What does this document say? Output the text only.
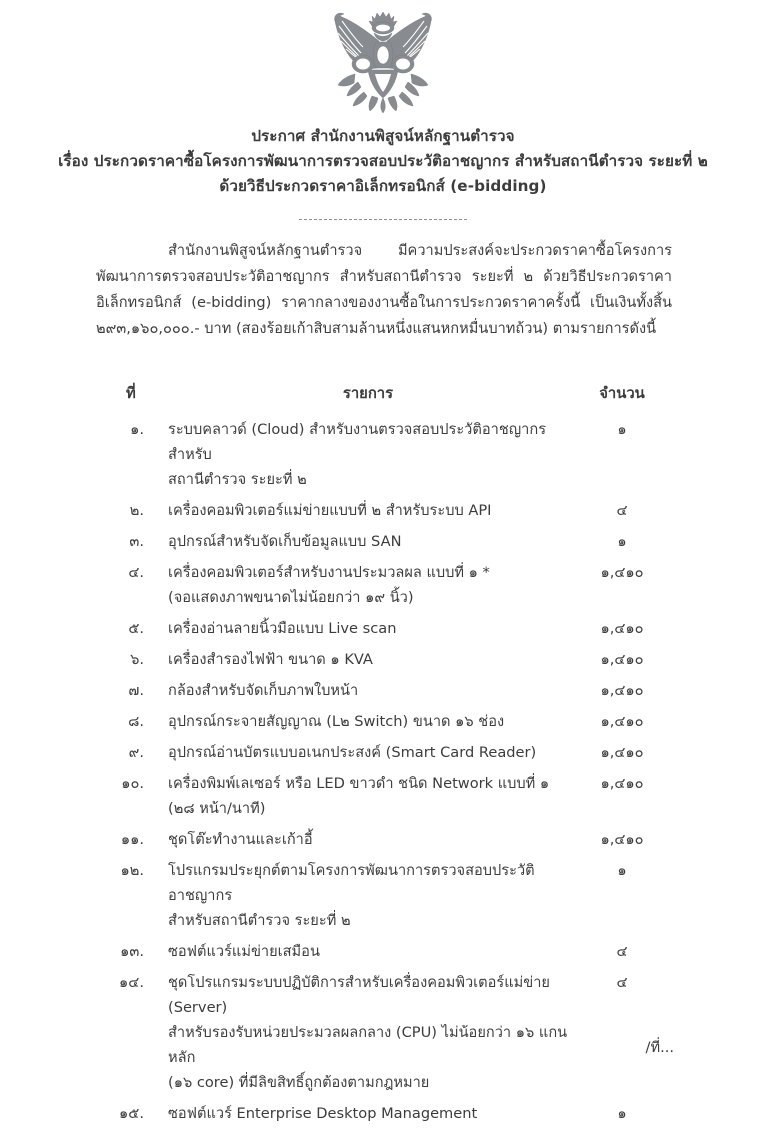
ประกาศ สำนักงานพิสูจน์หลักฐานตำรวจ
เรื่อง ประกวดราคาซื้อโครงการพัฒนาการตรวจสอบประวัติอาชญากร สำหรับสถานีตำรวจ ระยะที่ ๒
ด้วยวิธีประกวดราคาอิเล็กทรอนิกส์ (e-bidding)
สำนักงานพิสูจน์หลักฐานตำรวจ มีความประสงค์จะประกวดราคาซื้อโครงการพัฒนาการตรวจสอบประวัติอาชญากร สำหรับสถานีตำรวจ ระยะที่ ๒ ด้วยวิธีประกวดราคาอิเล็กทรอนิกส์ (e-bidding) ราคากลางของงานซื้อในการประกวดราคาครั้งนี้ เป็นเงินทั้งสิ้น ๒๙๓,๑๖๐,๐๐๐.- บาท (สองร้อยเก้าสิบสามล้านหนึ่งแสนหกหมื่นบาทถ้วน) ตามรายการดังนี้
ที่	รายการ	จำนวน
๑.	ระบบคลาวด์ (Cloud) สำหรับงานตรวจสอบประวัติอาชญากร สำหรับ
สถานีตำรวจ ระยะที่ ๒	๑
๒.	เครื่องคอมพิวเตอร์แม่ข่ายแบบที่ ๒ สำหรับระบบ API	๔
๓.	อุปกรณ์สำหรับจัดเก็บข้อมูลแบบ SAN	๑
๔.	เครื่องคอมพิวเตอร์สำหรับงานประมวลผล แบบที่ ๑ *
(จอแสดงภาพขนาดไม่น้อยกว่า ๑๙ นิ้ว)	๑,๔๑๐
๕.	เครื่องอ่านลายนิ้วมือแบบ Live scan	๑,๔๑๐
๖.	เครื่องสำรองไฟฟ้า ขนาด ๑ KVA	๑,๔๑๐
๗.	กล้องสำหรับจัดเก็บภาพใบหน้า	๑,๔๑๐
๘.	อุปกรณ์กระจายสัญญาณ (L๒ Switch) ขนาด ๑๖ ช่อง	๑,๔๑๐
๙.	อุปกรณ์อ่านบัตรแบบอเนกประสงค์ (Smart Card Reader)	๑,๔๑๐
๑๐.	เครื่องพิมพ์เลเซอร์ หรือ LED ขาวดำ ชนิด Network แบบที่ ๑
(๒๘ หน้า/นาที)	๑,๔๑๐
๑๑.	ชุดโต๊ะทำงานและเก้าอี้	๑,๔๑๐
๑๒.	โปรแกรมประยุกต์ตามโครงการพัฒนาการตรวจสอบประวัติอาชญากร
สำหรับสถานีตำรวจ ระยะที่ ๒	๑
๑๓.	ซอฟต์แวร์แม่ข่ายเสมือน	๔
๑๔.	ชุดโปรแกรมระบบปฏิบัติการสำหรับเครื่องคอมพิวเตอร์แม่ข่าย (Server)
สำหรับรองรับหน่วยประมวลผลกลาง (CPU) ไม่น้อยกว่า ๑๖ แกนหลัก
(๑๖ core) ที่มีลิขสิทธิ์ถูกต้องตามกฎหมาย	๔
๑๕.	ซอฟต์แวร์ Enterprise Desktop Management	๑
/ที่...
